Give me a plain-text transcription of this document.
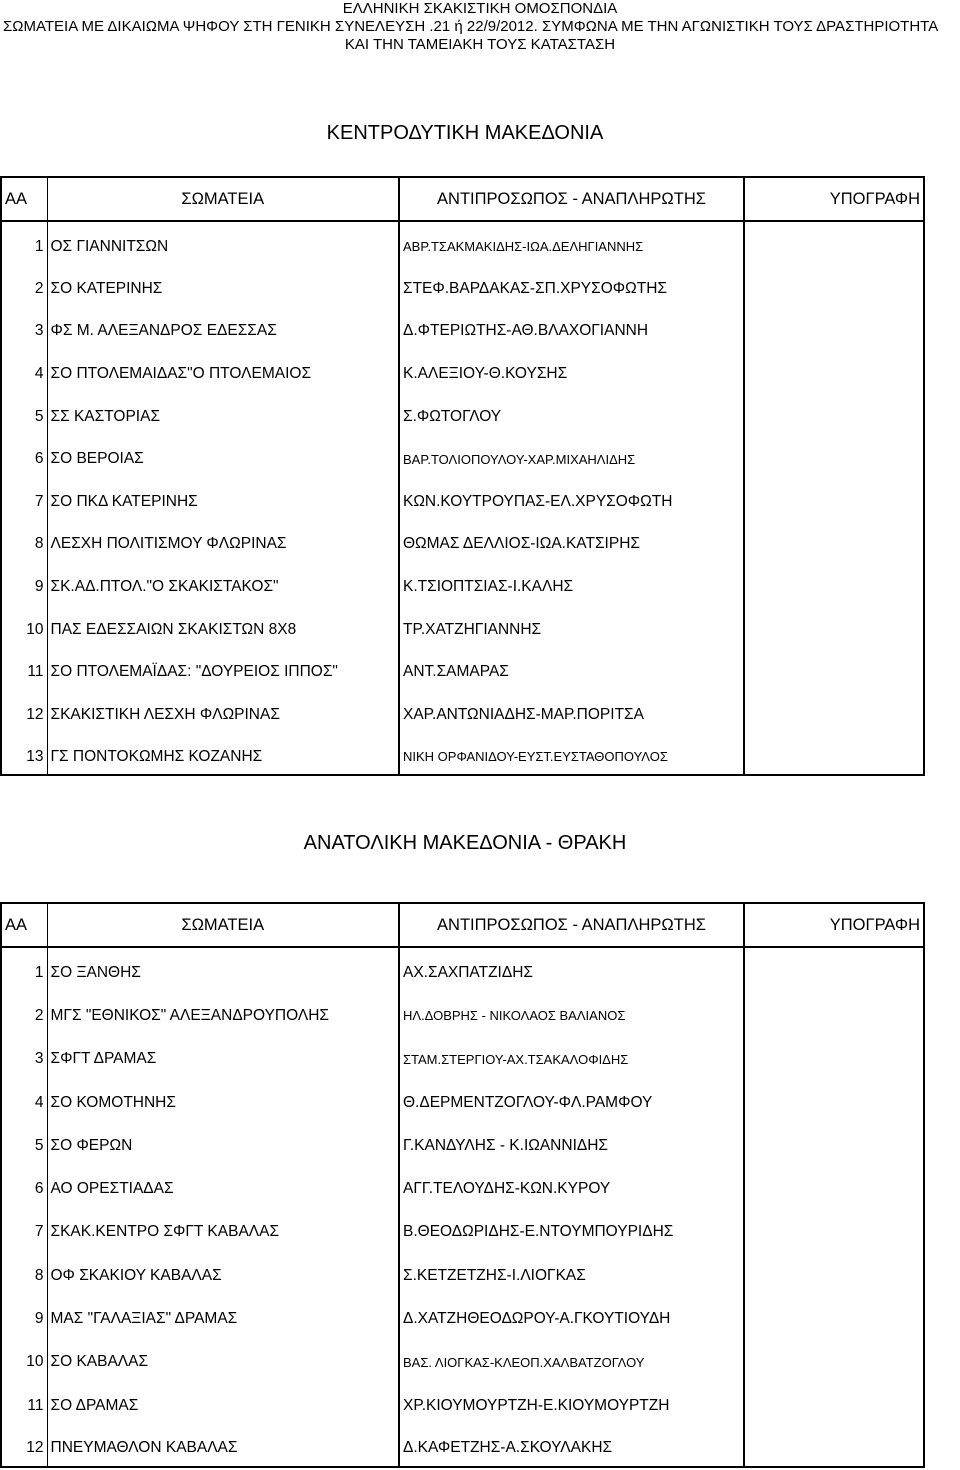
ΕΛΛΗΝΙΚΗ ΣΚΑΚΙΣΤΙΚΗ ΟΜΟΣΠΟΝΔΙΑ
ΣΩΜΑΤΕΙΑ ΜΕ ΔΙΚΑΙΩΜΑ ΨΗΦΟΥ ΣΤΗ ΓΕΝΙΚΗ ΣΥΝΕΛΕΥΣΗ .21 ή 22/9/2012. ΣΥΜΦΩΝΑ ΜΕ ΤΗΝ ΑΓΩΝΙΣΤΙΚΗ ΤΟΥΣ ΔΡΑΣΤΗΡΙΟΤΗΤΑ
ΚΑΙ ΤΗΝ ΤΑΜΕΙΑΚΗ ΤΟΥΣ ΚΑΤΑΣΤΑΣΗ
ΚΕΝΤΡΟΔΥΤΙΚΗ ΜΑΚΕΔΟΝΙΑ
ΑΑ	ΣΩΜΑΤΕΙΑ	ΑΝΤΙΠΡΟΣΩΠΟΣ - ΑΝΑΠΛΗΡΩΤΗΣ	ΥΠΟΓΡΑΦΗ
1	ΟΣ ΓΙΑΝΝΙΤΣΩΝ	ΑΒΡ.ΤΣΑΚΜΑΚΙΔΗΣ-ΙΩΑ.ΔΕΛΗΓΙΑΝΝΗΣ	
2	ΣΟ ΚΑΤΕΡΙΝΗΣ	ΣΤΕΦ.ΒΑΡΔΑΚΑΣ-ΣΠ.ΧΡΥΣΟΦΩΤΗΣ	
3	ΦΣ Μ. ΑΛΕΞΑΝΔΡΟΣ ΕΔΕΣΣΑΣ	Δ.ΦΤΕΡΙΩΤΗΣ-ΑΘ.ΒΛΑΧΟΓΙΑΝΝΗ	
4	ΣΟ ΠΤΟΛΕΜΑΙΔΑΣ"Ο ΠΤΟΛΕΜΑΙΟΣ	Κ.ΑΛΕΞΙΟΥ-Θ.ΚΟΥΣΗΣ	
5	ΣΣ ΚΑΣΤΟΡΙΑΣ	Σ.ΦΩΤΟΓΛΟΥ	
6	ΣΟ ΒΕΡΟΙΑΣ	ΒΑΡ.ΤΟΛΙΟΠΟΥΛΟΥ-ΧΑΡ.ΜΙΧΑΗΛΙΔΗΣ	
7	ΣΟ ΠΚΔ ΚΑΤΕΡΙΝΗΣ	ΚΩΝ.ΚΟΥΤΡΟΥΠΑΣ-ΕΛ.ΧΡΥΣΟΦΩΤΗ	
8	ΛΕΣΧΗ ΠΟΛΙΤΙΣΜΟΥ ΦΛΩΡΙΝΑΣ	ΘΩΜΑΣ ΔΕΛΛΙΟΣ-ΙΩΑ.ΚΑΤΣΙΡΗΣ	
9	ΣΚ.ΑΔ.ΠΤΟΛ."Ο ΣΚΑΚΙΣΤΑΚΟΣ"	Κ.ΤΣΙΟΠΤΣΙΑΣ-Ι.ΚΑΛΗΣ	
10	ΠΑΣ ΕΔΕΣΣΑΙΩΝ ΣΚΑΚΙΣΤΩΝ 8Χ8	ΤΡ.ΧΑΤΖΗΓΙΑΝΝΗΣ	
11	ΣΟ ΠΤΟΛΕΜΑΪΔΑΣ: "ΔΟΥΡΕΙΟΣ ΙΠΠΟΣ"	ΑΝΤ.ΣΑΜΑΡΑΣ	
12	ΣΚΑΚΙΣΤΙΚΗ ΛΕΣΧΗ ΦΛΩΡΙΝΑΣ	ΧΑΡ.ΑΝΤΩΝΙΑΔΗΣ-ΜΑΡ.ΠΟΡΙΤΣΑ	
13	ΓΣ ΠΟΝΤΟΚΩΜΗΣ ΚΟΖΑΝΗΣ	ΝΙΚΗ ΟΡΦΑΝΙΔΟΥ-ΕΥΣΤ.ΕΥΣΤΑΘΟΠΟΥΛΟΣ	
ΑΝΑΤΟΛΙΚΗ ΜΑΚΕΔΟΝΙΑ - ΘΡΑΚΗ
ΑΑ	ΣΩΜΑΤΕΙΑ	ΑΝΤΙΠΡΟΣΩΠΟΣ - ΑΝΑΠΛΗΡΩΤΗΣ	ΥΠΟΓΡΑΦΗ
1	ΣΟ ΞΑΝΘΗΣ	ΑΧ.ΣΑΧΠΑΤΖΙΔΗΣ	
2	ΜΓΣ "ΕΘΝΙΚΟΣ" ΑΛΕΞΑΝΔΡΟΥΠΟΛΗΣ	ΗΛ.ΔΟΒΡΗΣ - ΝΙΚΟΛΑΟΣ ΒΑΛΙΑΝΟΣ	
3	ΣΦΓΤ ΔΡΑΜΑΣ	ΣΤΑΜ.ΣΤΕΡΓΙΟΥ-ΑΧ.ΤΣΑΚΑΛΟΦΙΔΗΣ	
4	ΣΟ ΚΟΜΟΤΗΝΗΣ	Θ.ΔΕΡΜΕΝΤΖΟΓΛΟΥ-ΦΛ.ΡΑΜΦΟΥ	
5	ΣΟ ΦΕΡΩΝ	Γ.ΚΑΝΔΥΛΗΣ - Κ.ΙΩΑΝΝΙΔΗΣ	
6	ΑΟ ΟΡΕΣΤΙΑΔΑΣ	ΑΓΓ.ΤΕΛΟΥΔΗΣ-ΚΩΝ.ΚΥΡΟΥ	
7	ΣΚΑΚ.ΚΕΝΤΡΟ ΣΦΓΤ ΚΑΒΑΛΑΣ	Β.ΘΕΟΔΩΡΙΔΗΣ-Ε.ΝΤΟΥΜΠΟΥΡΙΔΗΣ	
8	ΟΦ ΣΚΑΚΙΟΥ ΚΑΒΑΛΑΣ	Σ.ΚΕΤΖΕΤΖΗΣ-Ι.ΛΙΟΓΚΑΣ	
9	ΜΑΣ "ΓΑΛΑΞΙΑΣ" ΔΡΑΜΑΣ	Δ.ΧΑΤΖΗΘΕΟΔΩΡΟΥ-Α.ΓΚΟΥΤΙΟΥΔΗ	
10	ΣΟ ΚΑΒΑΛΑΣ	ΒΑΣ. ΛΙΟΓΚΑΣ-ΚΛΕΟΠ.ΧΑΛΒΑΤΖΟΓΛΟΥ	
11	ΣΟ ΔΡΑΜΑΣ	ΧΡ.ΚΙΟΥΜΟΥΡΤΖΗ-Ε.ΚΙΟΥΜΟΥΡΤΖΗ	
12	ΠΝΕΥΜΑΘΛΟΝ ΚΑΒΑΛΑΣ	Δ.ΚΑΦΕΤΖΗΣ-Α.ΣΚΟΥΛΑΚΗΣ	
